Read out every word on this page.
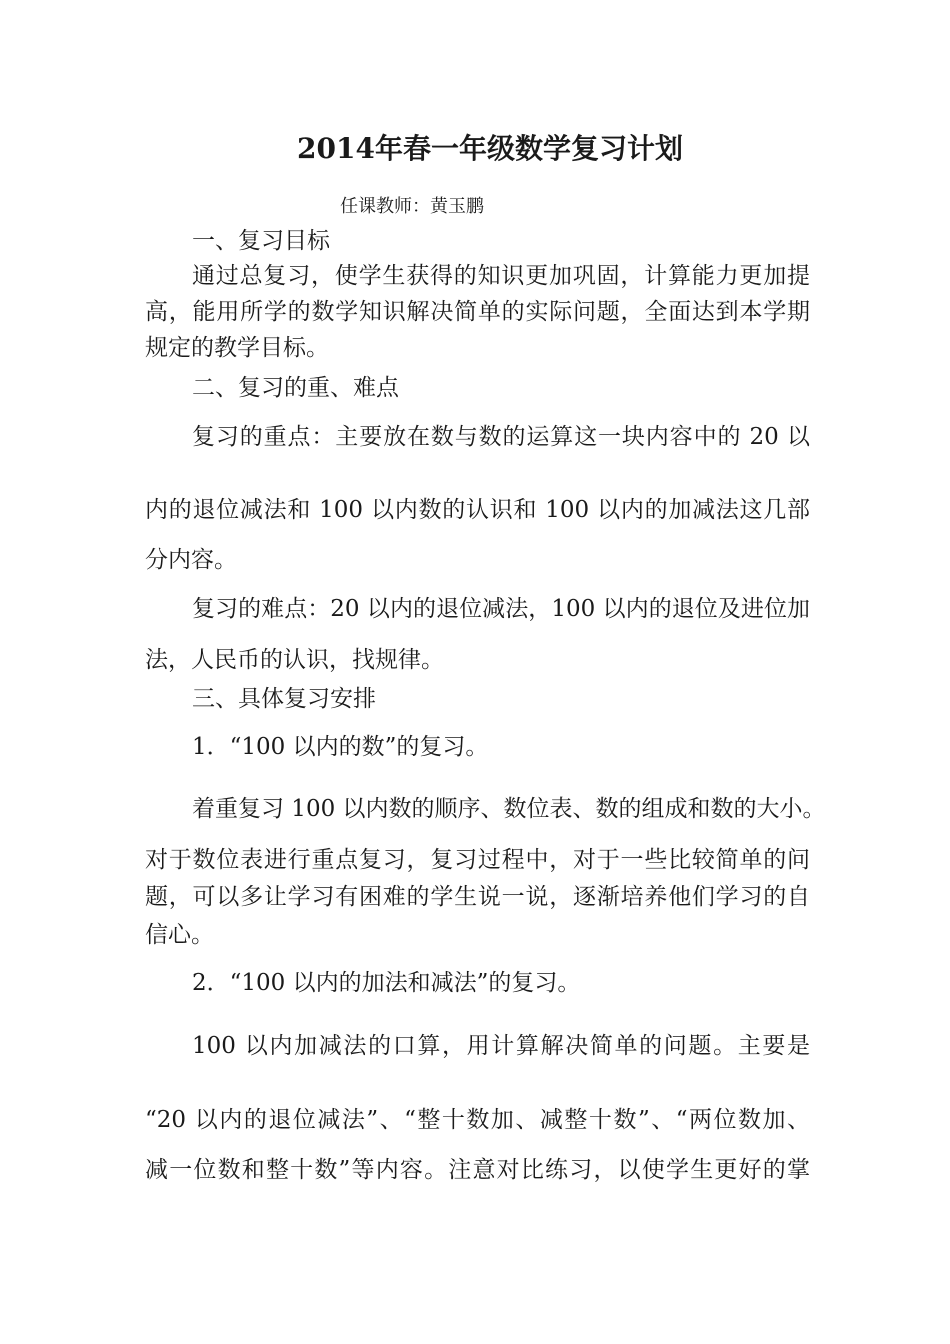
2014年春一年级数学复习计划

任课教师：黄玉鹏

一、复习目标

通过总复习，使学生获得的知识更加巩固，计算能力更加提

高，能用所学的数学知识解决简单的实际问题，全面达到本学期

规定的教学目标。

二、复习的重、难点

复习的重点：主要放在数与数的运算这一块内容中的 20 以

内的退位减法和 100 以内数的认识和 100 以内的加减法这几部

分内容。

复习的难点：20 以内的退位减法，100 以内的退位及进位加

法，人民币的认识，找规律。

三、具体复习安排

1．“100 以内的数”的复习。

着重复习 100 以内数的顺序、数位表、数的组成和数的大小。

对于数位表进行重点复习，复习过程中，对于一些比较简单的问

题，可以多让学习有困难的学生说一说，逐渐培养他们学习的自

信心。

2．“100 以内的加法和减法”的复习。

100 以内加减法的口算，用计算解决简单的问题。主要是

“20 以内的退位减法”、“整十数加、减整十数”、“两位数加、

减一位数和整十数”等内容。注意对比练习，以使学生更好的掌
